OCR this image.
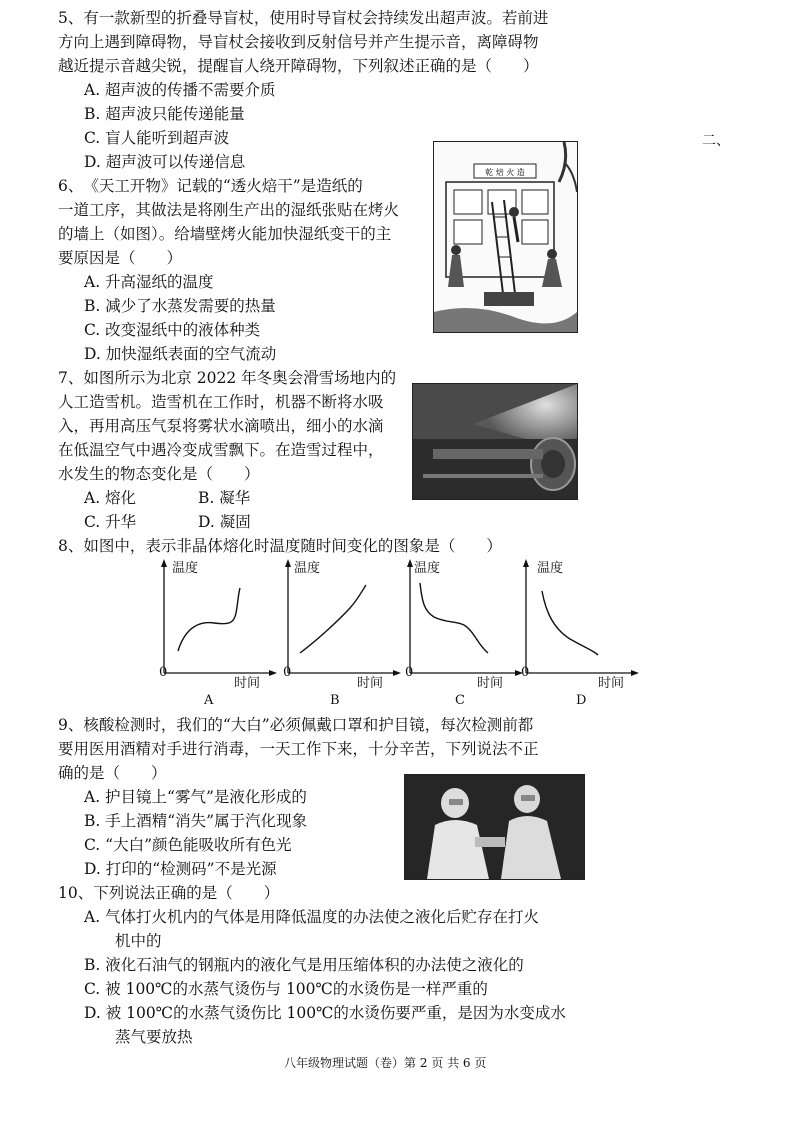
二、
5、有一款新型的折叠导盲杖，使用时导盲杖会持续发出超声波。若前进
方向上遇到障碍物，导盲杖会接收到反射信号并产生提示音，离障碍物
越近提示音越尖锐，提醒盲人绕开障碍物，下列叙述正确的是（　　）
A. 超声波的传播不需要介质
B. 超声波只能传递能量
C. 盲人能听到超声波
D. 超声波可以传递信息
6、　《天工开物》记载的“透火焙干”是造纸的
一道工序，其做法是将刚生产出的湿纸张贴在烤火
的墙上（如图）。给墙壁烤火能加快湿纸变干的主
要原因是（　　）
A. 升高湿纸的温度
B. 减少了水蒸发需要的热量
C. 改变湿纸中的液体种类
D. 加快湿纸表面的空气流动
乾 焙 火 造
7、如图所示为北京 2022 年冬奥会滑雪场地内的
人工造雪机。造雪机在工作时，机器不断将水吸
入，再用高压气泵将雾状水滴喷出，细小的水滴
在低温空气中遇冷变成雪飘下。在造雪过程中，
水发生的物态变化是（　　）
A. 熔化	B. 凝华
C. 升华	D. 凝固
8、如图中，表示非晶体熔化时温度随时间变化的图象是（　　）
温度
0
时间
A
温度
0
时间
B
温度
0
时间
C
温度
0
时间
D
9、核酸检测时，我们的“大白”必须佩戴口罩和护目镜，每次检测前都
要用医用酒精对手进行消毒，一天工作下来，十分辛苦，下列说法不正
确的是（　　）
A. 护目镜上“雾气”是液化形成的
B. 手上酒精“消失”属于汽化现象
C. “大白”颜色能吸收所有色光
D. 打印的“检测码”不是光源
10、下列说法正确的是（　　）
A. 气体打火机内的气体是用降低温度的办法使之液化后贮存在打火
　　机中的
B. 液化石油气的钢瓶内的液化气是用压缩体积的办法使之液化的
C. 被 100℃的水蒸气烫伤与 100℃的水烫伤是一样严重的
D. 被 100℃的水蒸气烫伤比 100℃的水烫伤要严重，是因为水变成水
　　蒸气要放热
八年级物理试题（卷）第 2 页 共 6 页
